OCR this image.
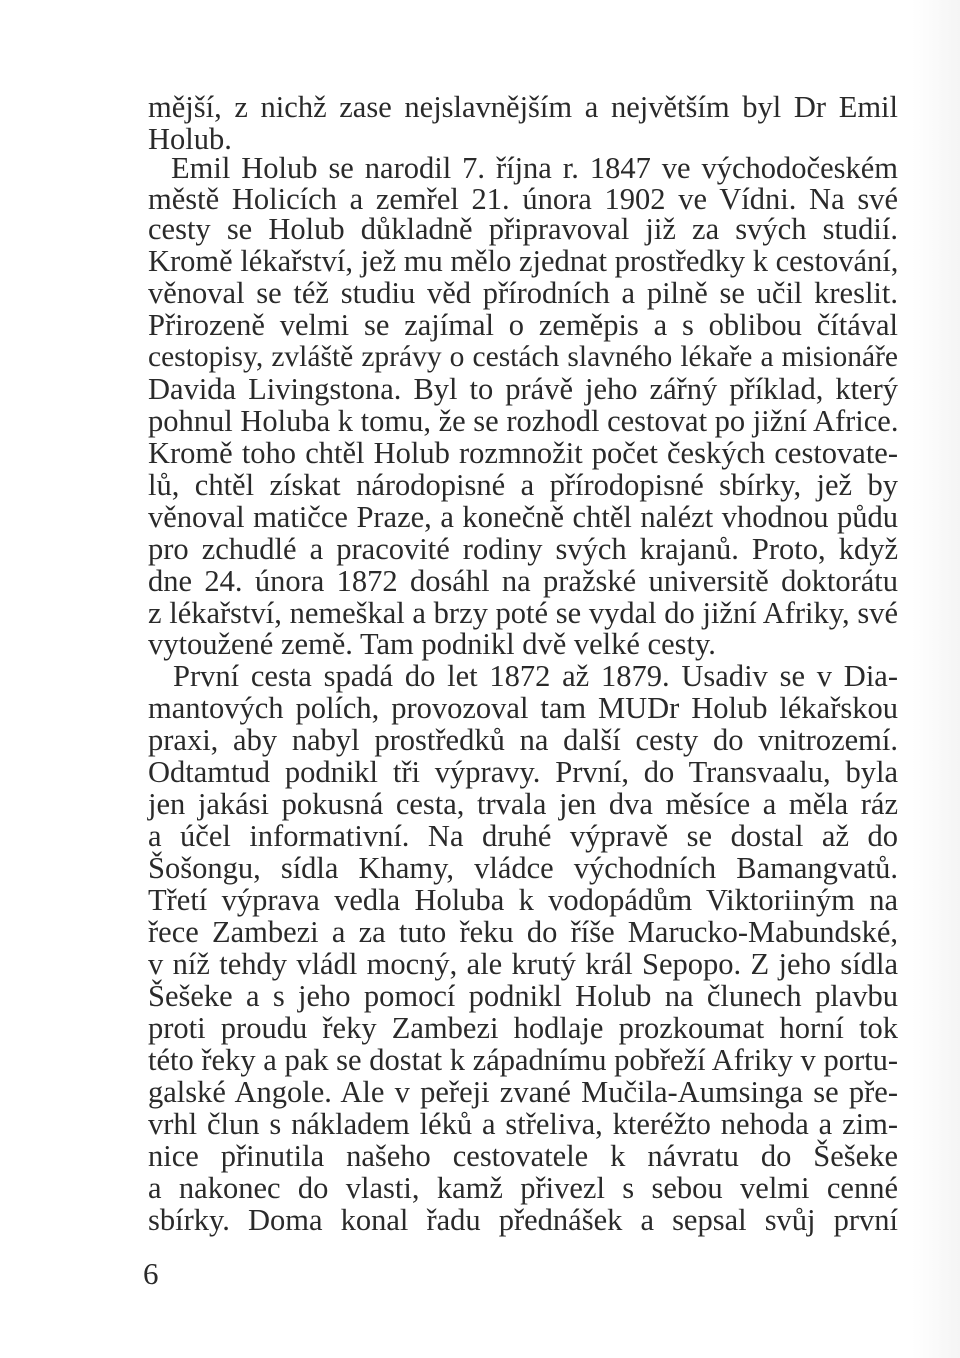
mější, z nichž zase nejslavnějším a největším byl Dr Emil
Holub.
Emil Holub se narodil 7. října r. 1847 ve východočeském
městě Holicích a zemřel 21. února 1902 ve Vídni. Na své
cesty se Holub důkladně připravoval již za svých studií.
Kromě lékařství, jež mu mělo zjednat prostředky k cestování,
věnoval se též studiu věd přírodních a pilně se učil kreslit.
Přirozeně velmi se zajímal o zeměpis a s oblibou čítával
cestopisy, zvláště zprávy o cestách slavného lékaře a misionáře
Davida Livingstona. Byl to právě jeho zářný příklad, který
pohnul Holuba k tomu, že se rozhodl cestovat po jižní Africe.
Kromě toho chtěl Holub rozmnožit počet českých cestovate-
lů, chtěl získat národopisné a přírodopisné sbírky, jež by
věnoval matičce Praze, a konečně chtěl nalézt vhodnou půdu
pro zchudlé a pracovité rodiny svých krajanů. Proto, když
dne 24. února 1872 dosáhl na pražské universitě doktorátu
z lékařství, nemeškal a brzy poté se vydal do jižní Afriky, své
vytoužené země. Tam podnikl dvě velké cesty.
První cesta spadá do let 1872 až 1879. Usadiv se v Dia-
mantových polích, provozoval tam MUDr Holub lékařskou
praxi, aby nabyl prostředků na další cesty do vnitrozemí.
Odtamtud podnikl tři výpravy. První, do Transvaalu, byla
jen jakási pokusná cesta, trvala jen dva měsíce a měla ráz
a účel informativní. Na druhé výpravě se dostal až do
Šošongu, sídla Khamy, vládce východních Bamangvatů.
Třetí výprava vedla Holuba k vodopádům Viktoriiným na
řece Zambezi a za tuto řeku do říše Marucko-Mabundské,
v níž tehdy vládl mocný, ale krutý král Sepopo. Z jeho sídla
Šešeke a s jeho pomocí podnikl Holub na člunech plavbu
proti proudu řeky Zambezi hodlaje prozkoumat horní tok
této řeky a pak se dostat k západnímu pobřeží Afriky v portu-
galské Angole. Ale v peřeji zvané Mučila-Aumsinga se pře-
vrhl člun s nákladem léků a střeliva, kteréžto nehoda a zim-
nice přinutila našeho cestovatele k návratu do Šešeke
a nakonec do vlasti, kamž přivezl s sebou velmi cenné
sbírky. Doma konal řadu přednášek a sepsal svůj první
6
